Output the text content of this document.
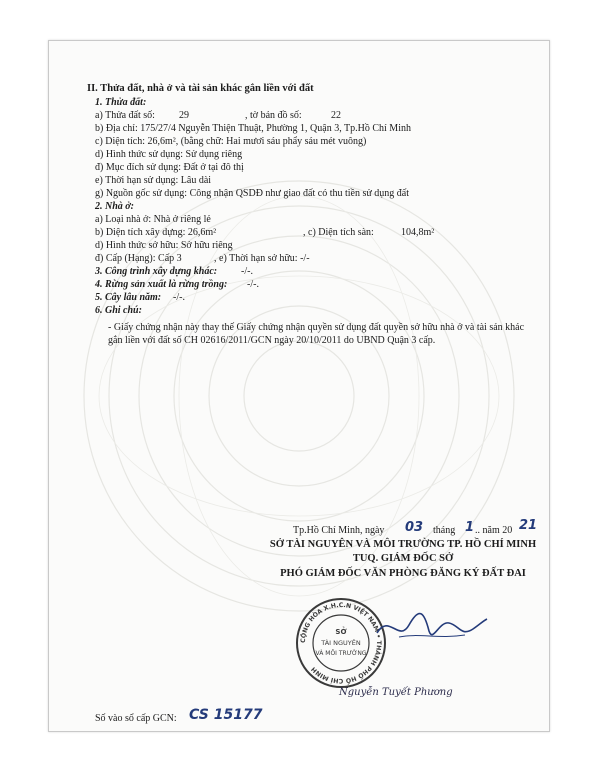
II. Thửa đất, nhà ở và tài sản khác gắn liền với đất
1. Thửa đất:
a) Thửa đất số: 29	, tờ bản đồ số:	22
b) Địa chỉ: 175/27/4 Nguyễn Thiện Thuật, Phường 1, Quận 3, Tp.Hồ Chí Minh
c) Diện tích: 26,6m², (bằng chữ: Hai mươi sáu phẩy sáu mét vuông)
d) Hình thức sử dụng: Sử dụng riêng
đ) Mục đích sử dụng: Đất ở tại đô thị
e) Thời hạn sử dụng: Lâu dài
g) Nguồn gốc sử dụng: Công nhận QSDĐ như giao đất có thu tiền sử dụng đất
2. Nhà ở:
a) Loại nhà ở: Nhà ở riêng lẻ
b) Diện tích xây dựng: 26,6m²	, c) Diện tích sàn:	104,8m²
d) Hình thức sở hữu: Sở hữu riêng
đ) Cấp (Hạng): Cấp 3	, e) Thời hạn sở hữu: -/-
3. Công trình xây dựng khác: -/-.
4. Rừng sản xuất là rừng trồng: -/-.
5. Cây lâu năm: -/-.
6. Ghi chú:
- Giấy chứng nhận này thay thế Giấy chứng nhận quyền sử dụng đất quyền sở hữu nhà ở và tài sản khác gắn liền với đất số CH 02616/2011/GCN ngày 20/10/2011 do UBND Quận 3 cấp.
Tp.Hồ Chí Minh, ngày 03 tháng 1 .. năm 20 21
SỞ TÀI NGUYÊN VÀ MÔI TRƯỜNG TP. HỒ CHÍ MINH
TUQ. GIÁM ĐỐC SỞ
PHÓ GIÁM ĐỐC VĂN PHÒNG ĐĂNG KÝ ĐẤT ĐAI
CỘNG HÒA X.H.C.N VIỆT NAM • THÀNH PHỐ HỒ CHÍ MINH
SỞ
TÀI NGUYÊN
VÀ MÔI TRƯỜNG
Nguyễn Tuyết Phương
Số vào sổ cấp GCN: CS 15177
